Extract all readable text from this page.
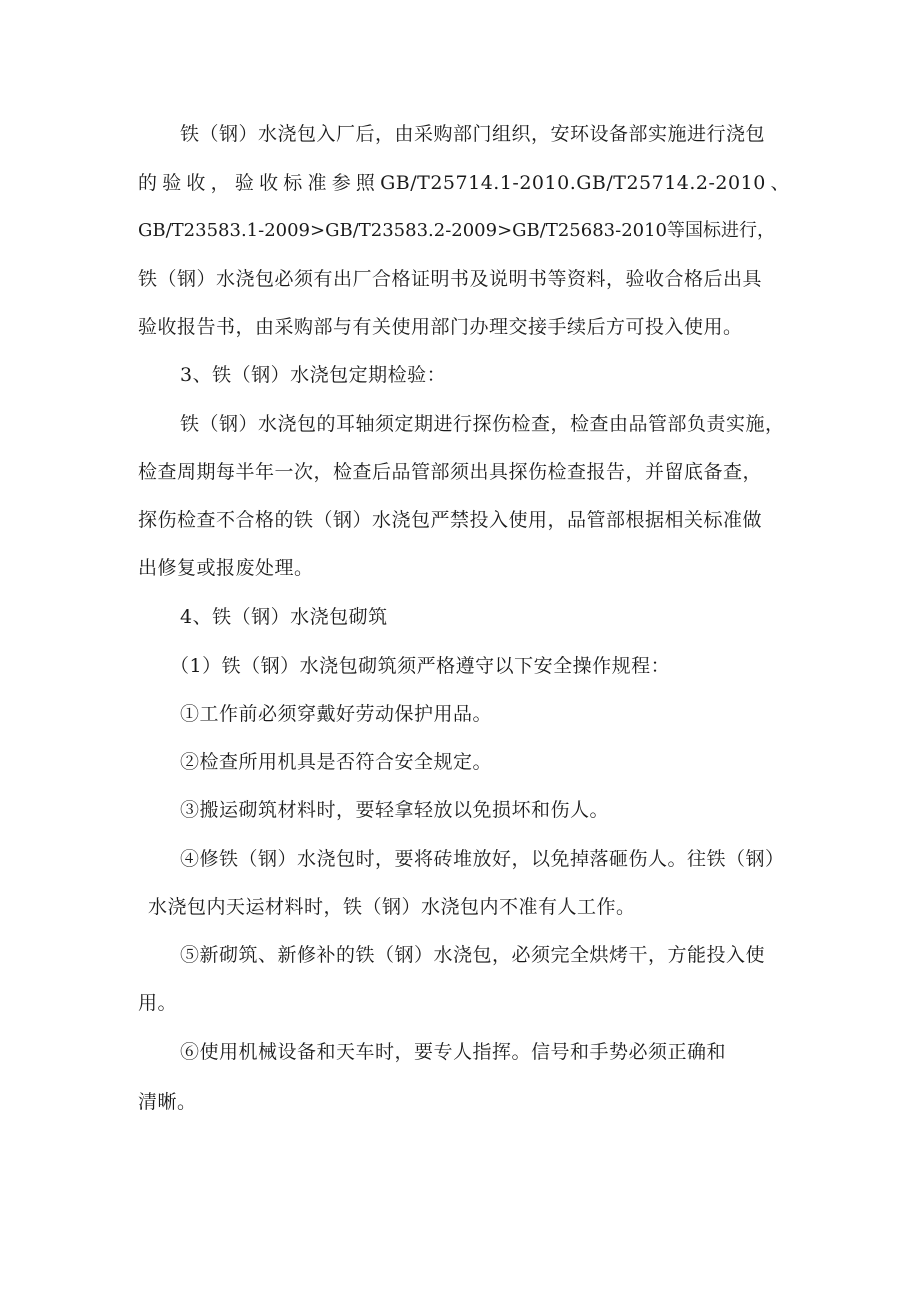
铁（钢）水浇包入厂后，由采购部门组织，安环设备部实施进行浇包

的验收，验收标准参照GB/T25714.1-2010.GB/T25714.2-2010、

GB/T23583.1-2009>GB/T23583.2-2009>GB/T25683-2010等国标进行，

铁（钢）水浇包必须有出厂合格证明书及说明书等资料，验收合格后出具

验收报告书，由采购部与有关使用部门办理交接手续后方可投入使用。

3、铁（钢）水浇包定期检验：

铁（钢）水浇包的耳轴须定期进行探伤检查，检查由品管部负责实施，

检查周期每半年一次，检查后品管部须出具探伤检查报告，并留底备查，

探伤检查不合格的铁（钢）水浇包严禁投入使用，品管部根据相关标准做

出修复或报废处理。

4、铁（钢）水浇包砌筑

（1）铁（钢）水浇包砌筑须严格遵守以下安全操作规程：

①工作前必须穿戴好劳动保护用品。

②检查所用机具是否符合安全规定。

③搬运砌筑材料时，要轻拿轻放以免损坏和伤人。

④修铁（钢）水浇包时，要将砖堆放好，以免掉落砸伤人。往铁（钢）

水浇包内天运材料时，铁（钢）水浇包内不准有人工作。

⑤新砌筑、新修补的铁（钢）水浇包，必须完全烘烤干，方能投入使

用。

⑥使用机械设备和天车时，要专人指挥。信号和手势必须正确和

清晰。
